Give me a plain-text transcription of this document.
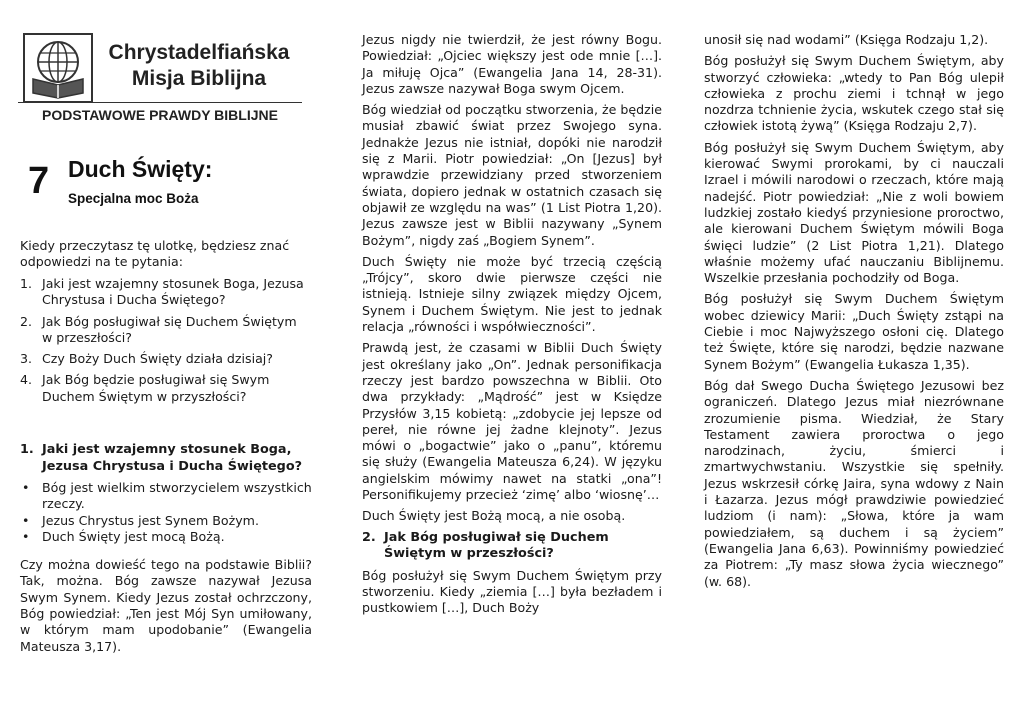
Chrystadelfiańska
Misja Biblijna
PODSTAWOWE PRAWDY BIBLIJNE
7 Duch Święty:
Specjalna moc Boża

Kiedy przeczytasz tę ulotkę, będziesz znać odpowiedzi na te pytania:

1. Jaki jest wzajemny stosunek Boga, Jezusa Chrystusa i Ducha Świętego?
2. Jak Bóg posługiwał się Duchem Świętym w przeszłości?
3. Czy Boży Duch Święty działa dzisiaj?
4. Jak Bóg będzie posługiwał się Swym Duchem Świętym w przyszłości?
1. Jaki jest wzajemny stosunek Boga, Jezusa Chrystusa i Ducha Świętego?
• Bóg jest wielkim stworzycielem wszystkich rzeczy.
• Jezus Chrystus jest Synem Bożym.
• Duch Święty jest mocą Bożą.

Czy można dowieść tego na podstawie Biblii? Tak, można. Bóg zawsze nazywał Jezusa Swym Synem. Kiedy Jezus został ochrzczony, Bóg powiedział: „Ten jest Mój Syn umiłowany, w którym mam upodobanie” (Ewangelia Mateusza 3,17).

Jezus nigdy nie twierdził, że jest równy Bogu. Powiedział: „Ojciec większy jest ode mnie […]. Ja miłuję Ojca” (Ewangelia Jana 14, 28-31). Jezus zawsze nazywał Boga swym Ojcem.

Bóg wiedział od początku stworzenia, że będzie musiał zbawić świat przez Swojego syna. Jednakże Jezus nie istniał, dopóki nie narodził się z Marii. Piotr powiedział: „On [Jezus] był wprawdzie przewidziany przed stworzeniem świata, dopiero jednak w ostatnich czasach się objawił ze względu na was” (1 List Piotra 1,20). Jezus zawsze jest w Biblii nazywany „Synem Bożym”, nigdy zaś „Bogiem Synem”.

Duch Święty nie może być trzecią częścią „Trójcy”, skoro dwie pierwsze części nie istnieją. Istnieje silny związek między Ojcem, Synem i Duchem Świętym. Nie jest to jednak relacja „równości i współwieczności”.

Prawdą jest, że czasami w Biblii Duch Święty jest określany jako „On”. Jednak personifikacja rzeczy jest bardzo powszechna w Biblii. Oto dwa przykłady: „Mądrość” jest w Księdze Przysłów 3,15 kobietą: „zdobycie jej lepsze od pereł, nie równe jej żadne klejnoty”. Jezus mówi o „bogactwie” jako o „panu”, któremu się służy (Ewangelia Mateusza 6,24). W języku angielskim mówimy nawet na statki „ona”! Personifikujemy przecież ‘zimę’ albo ‘wiosnę’…

Duch Święty jest Bożą mocą, a nie osobą.

2. Jak Bóg posługiwał się Duchem Świętym w przeszłości?

Bóg posłużył się Swym Duchem Świętym przy stworzeniu. Kiedy „ziemia […] była bezładem i pustkowiem […], Duch Boży

unosił się nad wodami” (Księga Rodzaju 1,2).

Bóg posłużył się Swym Duchem Świętym, aby stworzyć człowieka: „wtedy to Pan Bóg ulepił człowieka z prochu ziemi i tchnął w jego nozdrza tchnienie życia, wskutek czego stał się człowiek istotą żywą” (Księga Rodzaju 2,7).

Bóg posłużył się Swym Duchem Świętym, aby kierować Swymi prorokami, by ci nauczali Izrael i mówili narodowi o rzeczach, które mają nadejść. Piotr powiedział: „Nie z woli bowiem ludzkiej zostało kiedyś przyniesione proroctwo, ale kierowani Duchem Świętym mówili Boga święci ludzie” (2 List Piotra 1,21). Dlatego właśnie możemy ufać nauczaniu Biblijnemu. Wszelkie przesłania pochodziły od Boga.

Bóg posłużył się Swym Duchem Świętym wobec dziewicy Marii: „Duch Święty zstąpi na Ciebie i moc Najwyższego osłoni cię. Dlatego też Święte, które się narodzi, będzie nazwane Synem Bożym” (Ewangelia Łukasza 1,35).

Bóg dał Swego Ducha Świętego Jezusowi bez ograniczeń. Dlatego Jezus miał niezrównane zrozumienie pisma. Wiedział, że Stary Testament zawiera proroctwa o jego narodzinach, życiu, śmierci i zmartwychwstaniu. Wszystkie się spełniły. Jezus wskrzesił córkę Jaira, syna wdowy z Nain i Łazarza. Jezus mógł prawdziwie powiedzieć ludziom (i nam): „Słowa, które ja wam powiedziałem, są duchem i są życiem” (Ewangelia Jana 6,63). Powinniśmy powiedzieć za Piotrem: „Ty masz słowa życia wiecznego” (w. 68).
